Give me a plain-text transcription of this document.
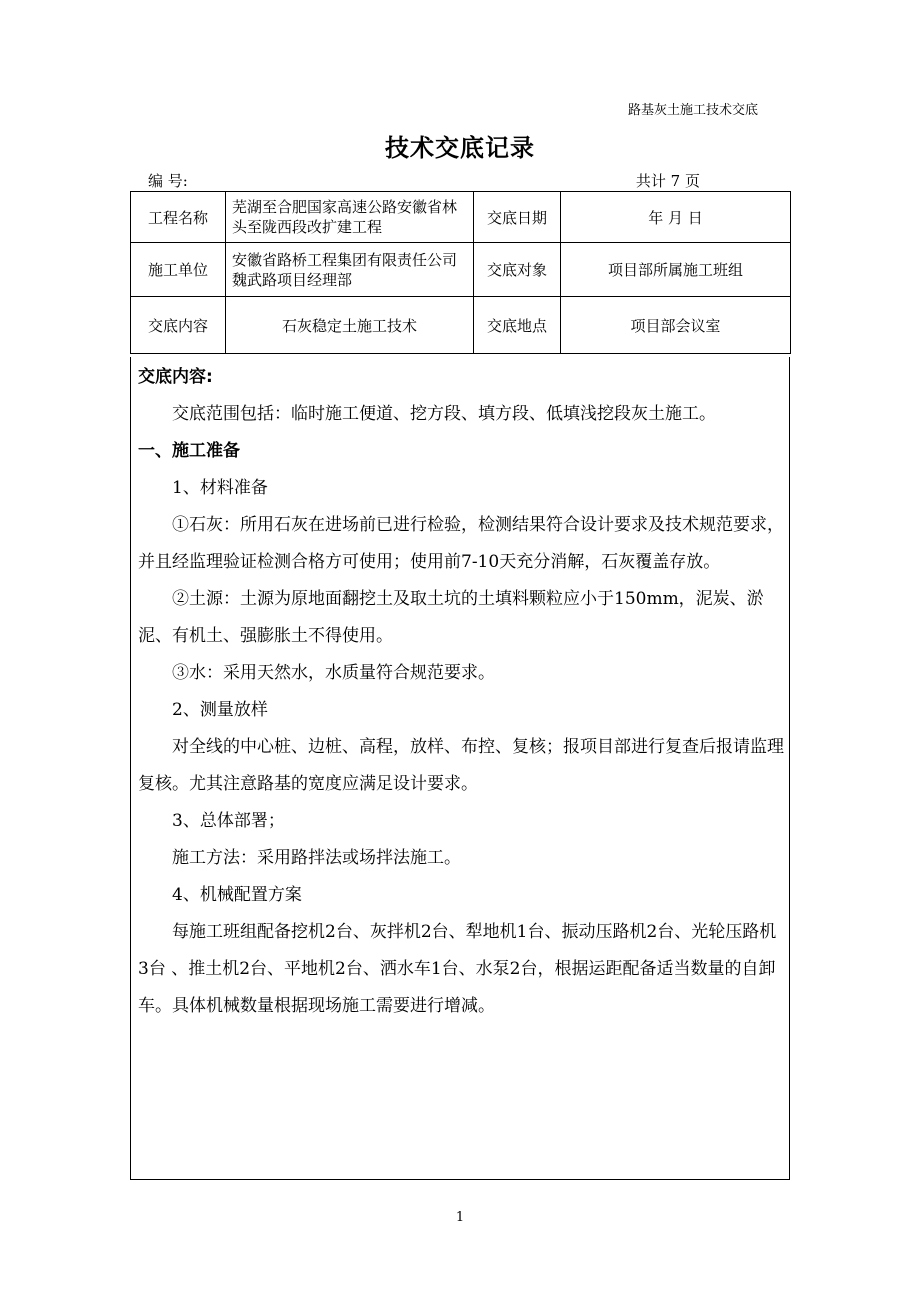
路基灰土施工技术交底
技术交底记录
编 号:	共计 7 页
工程名称	芜湖至合肥国家高速公路安徽省林头至陇西段改扩建工程	交底日期	年 月 日
施工单位	安徽省路桥工程集团有限责任公司魏武路项目经理部	交底对象	项目部所属施工班组
交底内容	石灰稳定土施工技术	交底地点	项目部会议室

交底内容:

交底范围包括：临时施工便道、挖方段、填方段、低填浅挖段灰土施工。

一、施工准备

1、材料准备

①石灰：所用石灰在进场前已进行检验，检测结果符合设计要求及技术规范要求，并且经监理验证检测合格方可使用；使用前7-10天充分消解，石灰覆盖存放。

②土源：土源为原地面翻挖土及取土坑的土填料颗粒应小于150mm，泥炭、淤泥、有机土、强膨胀土不得使用。

③水：采用天然水，水质量符合规范要求。

2、测量放样

对全线的中心桩、边桩、高程，放样、布控、复核；报项目部进行复查后报请监理复核。尤其注意路基的宽度应满足设计要求。

3、总体部署；

施工方法：采用路拌法或场拌法施工。

4、机械配置方案

每施工班组配备挖机2台、灰拌机2台、犁地机1台、振动压路机2台、光轮压路机3台 、推土机2台、平地机2台、洒水车1台、水泵2台，根据运距配备适当数量的自卸车。具体机械数量根据现场施工需要进行增减。

1
